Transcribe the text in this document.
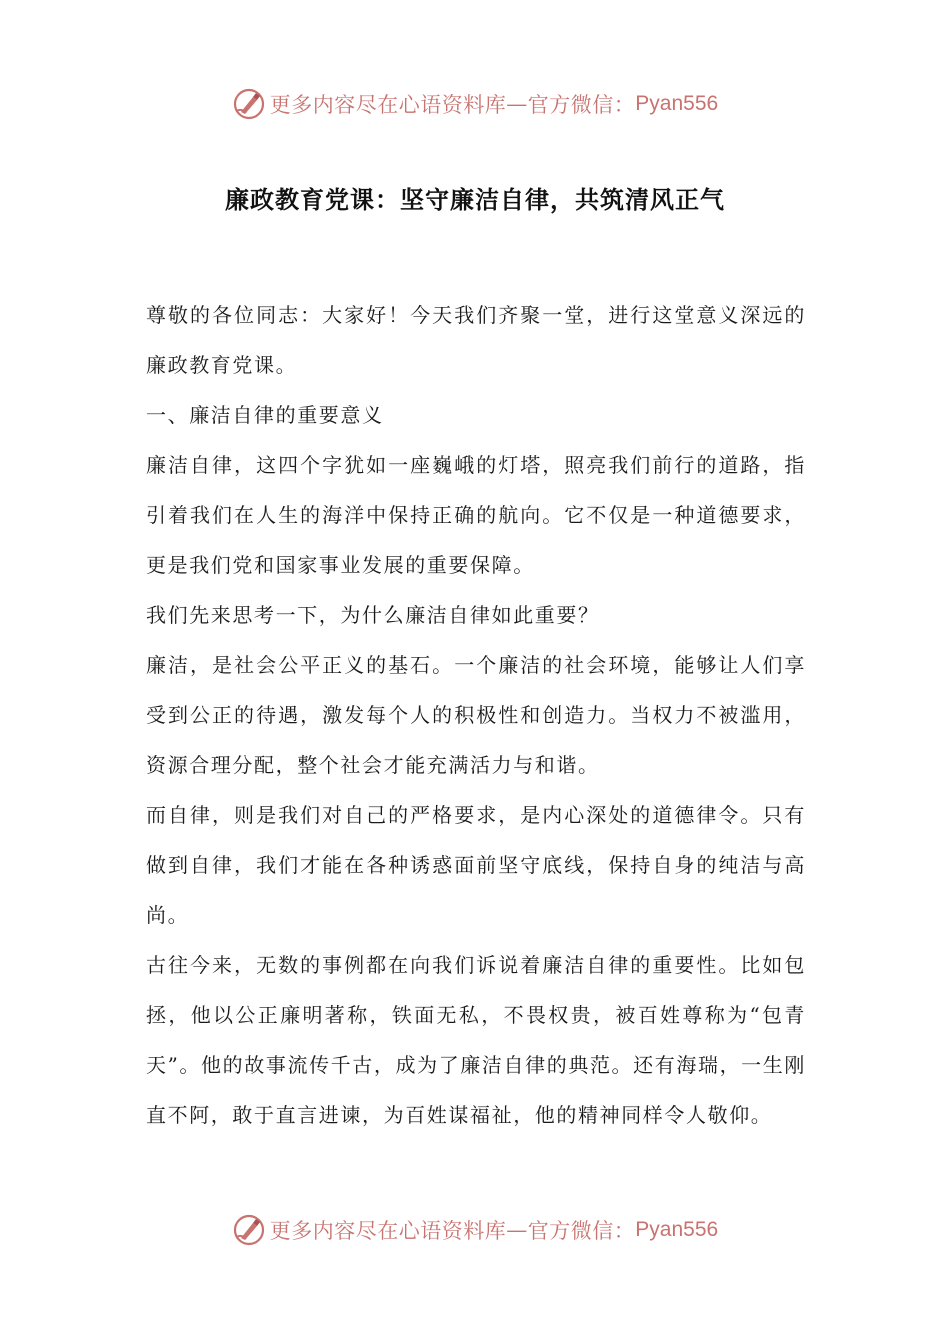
更多内容尽在心语资料库 — 官方微信： Pyan556
廉政教育党课：坚守廉洁自律，共筑清风正气

尊敬的各位同志：大家好！今天我们齐聚一堂，进行这堂意义深远的廉政教育党课。

一、廉洁自律的重要意义

廉洁自律，这四个字犹如一座巍峨的灯塔，照亮我们前行的道路，指引着我们在人生的海洋中保持正确的航向。它不仅是一种道德要求，更是我们党和国家事业发展的重要保障。

我们先来思考一下，为什么廉洁自律如此重要？

廉洁，是社会公平正义的基石。一个廉洁的社会环境，能够让人们享受到公正的待遇，激发每个人的积极性和创造力。当权力不被滥用，资源合理分配，整个社会才能充满活力与和谐。

而自律，则是我们对自己的严格要求，是内心深处的道德律令。只有做到自律，我们才能在各种诱惑面前坚守底线，保持自身的纯洁与高尚。

古往今来，无数的事例都在向我们诉说着廉洁自律的重要性。比如包拯，他以公正廉明著称，铁面无私，不畏权贵，被百姓尊称为“包青天”。他的故事流传千古，成为了廉洁自律的典范。还有海瑞，一生刚直不阿，敢于直言进谏，为百姓谋福祉，他的精神同样令人敬仰。

更多内容尽在心语资料库 — 官方微信： Pyan556
